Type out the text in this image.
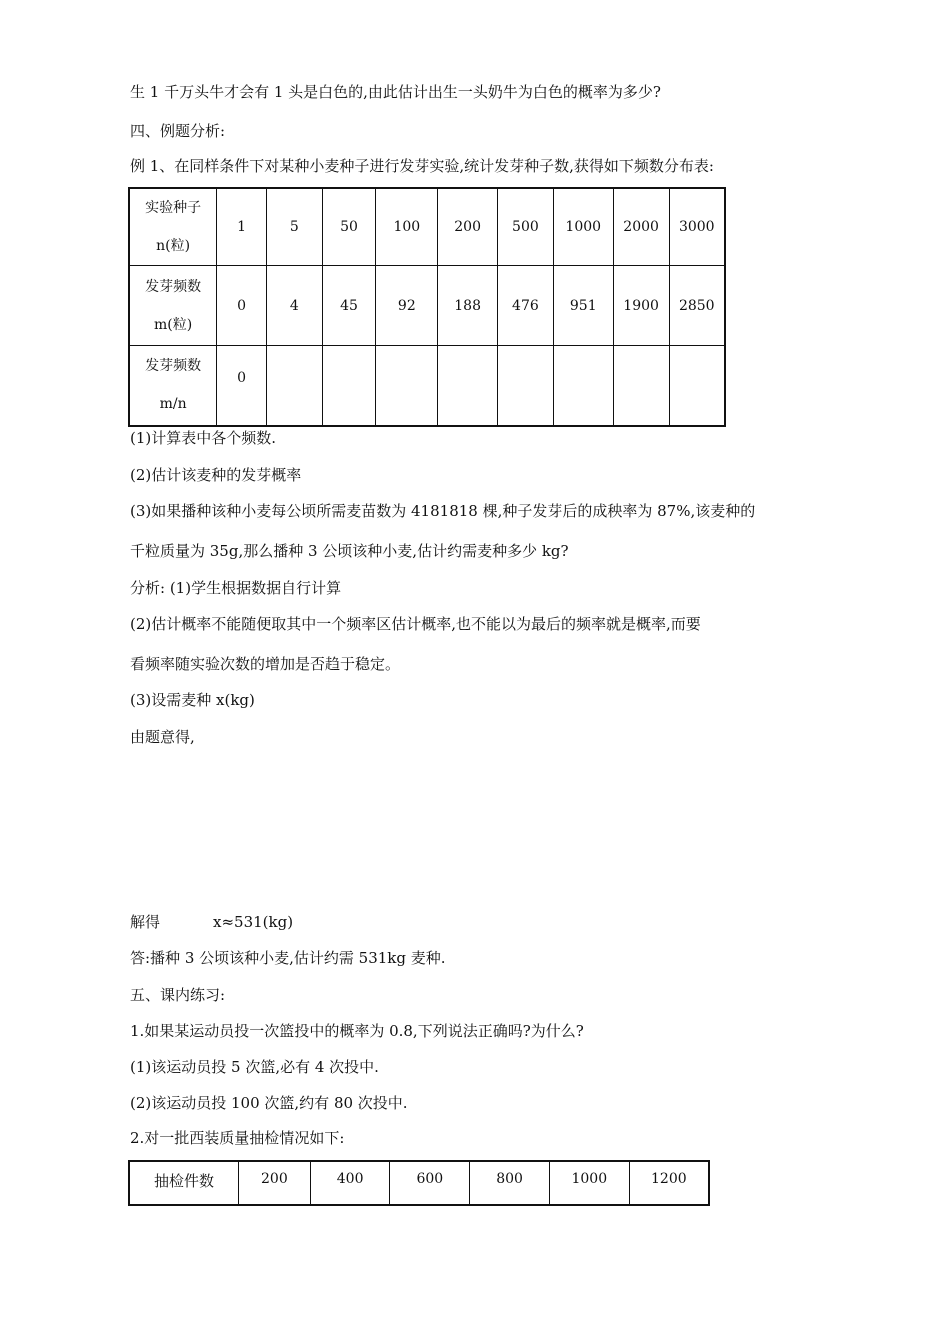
生 1 千万头牛才会有 1 头是白色的,由此估计出生一头奶牛为白色的概率为多少?
四、例题分析:
例 1、在同样条件下对某种小麦种子进行发芽实验,统计发芽种子数,获得如下频数分布表:
实验种子
n(粒)	1	5	50	100	200	500	1000	2000	3000

发芽频数
m(粒)	0	4	45	92	188	476	951	1900	2850

发芽频数
m/n	0								
(1)计算表中各个频数.
(2)估计该麦种的发芽概率
(3)如果播种该种小麦每公顷所需麦苗数为 4181818 棵,种子发芽后的成秧率为 87%,该麦种的
千粒质量为 35g,那么播种 3 公顷该种小麦,估计约需麦种多少 kg?
分析: (1)学生根据数据自行计算
(2)估计概率不能随便取其中一个频率区估计概率,也不能以为最后的频率就是概率,而要
看频率随实验次数的增加是否趋于稳定。
(3)设需麦种 x(kg)
由题意得,
解得	x≈531(kg)
答:播种 3 公顷该种小麦,估计约需 531kg 麦种.
五、课内练习:
1.如果某运动员投一次篮投中的概率为 0.8,下列说法正确吗?为什么?
(1)该运动员投 5 次篮,必有 4 次投中.
(2)该运动员投 100 次篮,约有 80 次投中.
2.对一批西装质量抽检情况如下:
抽检件数	200	400	600	800	1000	1200
